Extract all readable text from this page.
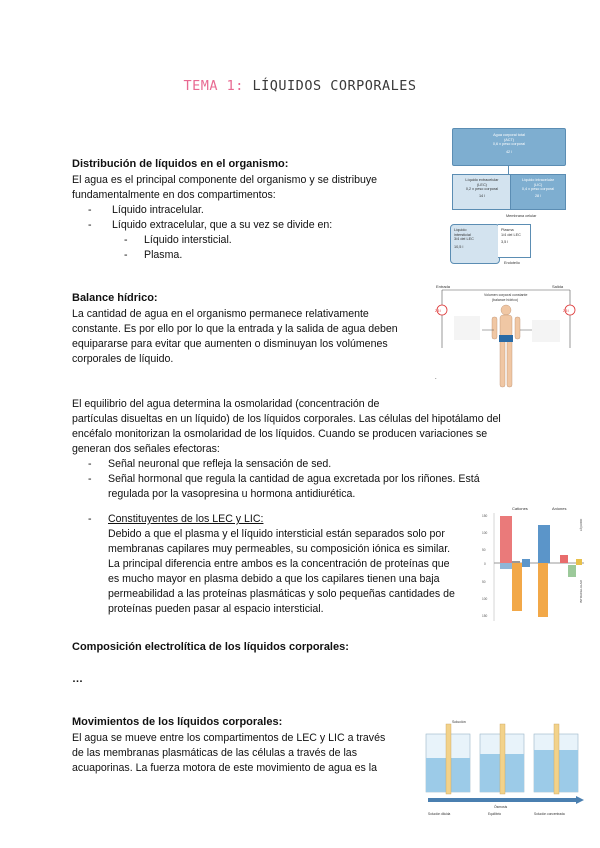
TEMA 1: LÍQUIDOS CORPORALES
Distribución de líquidos en el organismo:
El agua es el principal componente del organismo y se distribuye
fundamentalmente en dos compartimentos:
- Líquido intracelular.
- Líquido extracelular, que a su vez se divide en:
- Líquido intersticial.
- Plasma.
Agua corporal total
(ACT)
0,6 x peso corporal
42 l
Líquido extracelular
(LEC)
0,2 x peso corporal
14 l
Líquido intracelular
(LIC)
0,4 x peso corporal
28 l
Membrana celular
Líquido
intersticial
3/4 del LEC
10,5 l
Plasma
1/4 del LEC
3,5 l
Endotelio
Balance hídrico:
La cantidad de agua en el organismo permanece relativamente
constante. Es por ello por lo que la entrada y la salida de agua deben
equipararse para evitar que aumenten o disminuyan los volúmenes
corporales de líquido.
Entrada	Salida
Volumen corporal constante
(balance hídrico)
2,5 l	2,5 l
.
El equilibrio del agua determina la osmolaridad (concentración de
partículas disueltas en un líquido) de los líquidos corporales. Las células del hipotálamo del
encéfalo monitorizan la osmolaridad de los líquidos. Cuando se producen variaciones se
generan dos señales efectoras:
- Señal neuronal que refleja la sensación de sed.
- Señal hormonal que regula la cantidad de agua excretada por los riñones. Está
regulada por la vasopresina u hormona antidiurética.
- Constituyentes de los LEC y LIC:
Debido a que el plasma y el líquido intersticial están separados solo por
membranas capilares muy permeables, su composición iónica es similar.
La principal diferencia entre ambos es la concentración de proteínas que
es mucho mayor en plasma debido a que los capilares tienen una baja
permeabilidad a las proteínas plasmáticas y solo pequeñas cantidades de
proteínas pueden pasar al espacio intersticial.
Cationes	Aniones
150
100
50
0
50
100
150
LÍQUIDO
INTRACELULAR
Composición electrolítica de los líquidos corporales:
…
Movimientos de los líquidos corporales:
El agua se mueve entre los compartimentos de LEC y LIC a través
de las membranas plasmáticas de las células a través de las
acuaporinas. La fuerza motora de este movimiento de agua es la
Solución
Ósmosis
Solución diluida	Equilibrio	Solución concentrada
